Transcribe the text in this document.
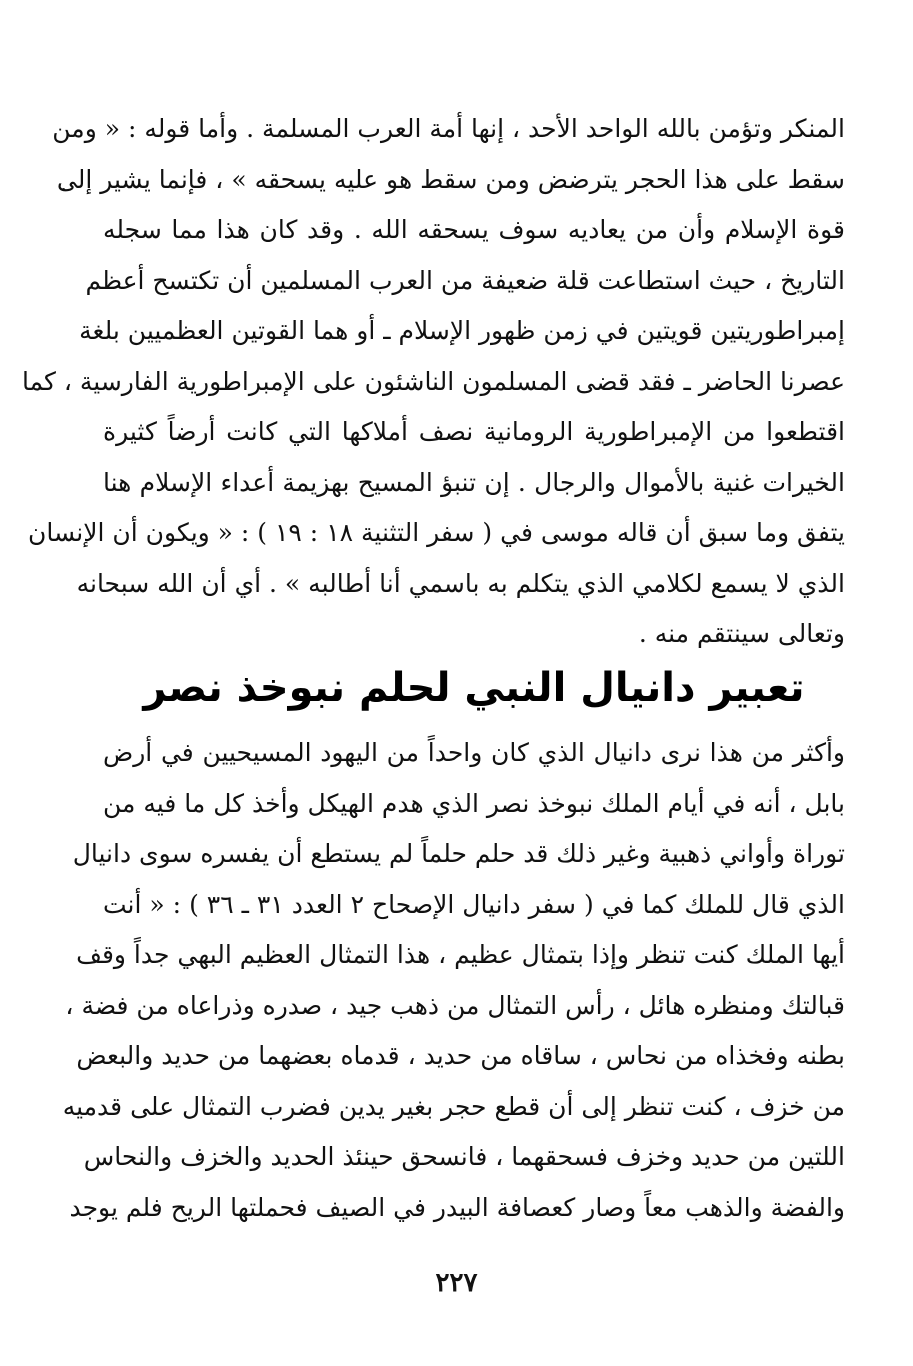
المنكر وتؤمن بالله الواحد الأحد ، إنها أمة العرب المسلمة . وأما قوله : « ومن
سقط على هذا الحجر يترضض ومن سقط هو عليه يسحقه » ، فإنما يشير إلى
قوة الإسلام وأن من يعاديه سوف يسحقه الله . وقد كان هذا مما سجله
التاريخ ، حيث استطاعت قلة ضعيفة من العرب المسلمين أن تكتسح أعظم
إمبراطوريتين قويتين في زمن ظهور الإسلام ـ أو هما القوتين العظميين بلغة
عصرنا الحاضر ـ فقد قضى المسلمون الناشئون على الإمبراطورية الفارسية ، كما
اقتطعوا من الإمبراطورية الرومانية نصف أملاكها التي كانت أرضاً كثيرة
الخيرات غنية بالأموال والرجال . إن تنبؤ المسيح بهزيمة أعداء الإسلام هنا
يتفق وما سبق أن قاله موسى في ( سفر التثنية ١٨ : ١٩ ) : « ويكون أن الإنسان
الذي لا يسمع لكلامي الذي يتكلم به باسمي أنا أطالبه » . أي أن الله سبحانه
وتعالى سينتقم منه .
تعبير دانيال النبي لحلم نبوخذ نصر
وأكثر من هذا نرى دانيال الذي كان واحداً من اليهود المسيحيين في أرض
بابل ، أنه في أيام الملك نبوخذ نصر الذي هدم الهيكل وأخذ كل ما فيه من
توراة وأواني ذهبية وغير ذلك قد حلم حلماً لم يستطع أن يفسره سوى دانيال
الذي قال للملك كما في ( سفر دانيال الإصحاح ٢ العدد ٣١ ـ ٣٦ ) : « أنت
أيها الملك كنت تنظر وإذا بتمثال عظيم ، هذا التمثال العظيم البهي جداً وقف
قبالتك ومنظره هائل ، رأس التمثال من ذهب جيد ، صدره وذراعاه من فضة ،
بطنه وفخذاه من نحاس ، ساقاه من حديد ، قدماه بعضهما من حديد والبعض
من خزف ، كنت تنظر إلى أن قطع حجر بغير يدين فضرب التمثال على قدميه
اللتين من حديد وخزف فسحقهما ، فانسحق حينئذ الحديد والخزف والنحاس
والفضة والذهب معاً وصار كعصافة البيدر في الصيف فحملتها الريح فلم يوجد
٢٢٧
